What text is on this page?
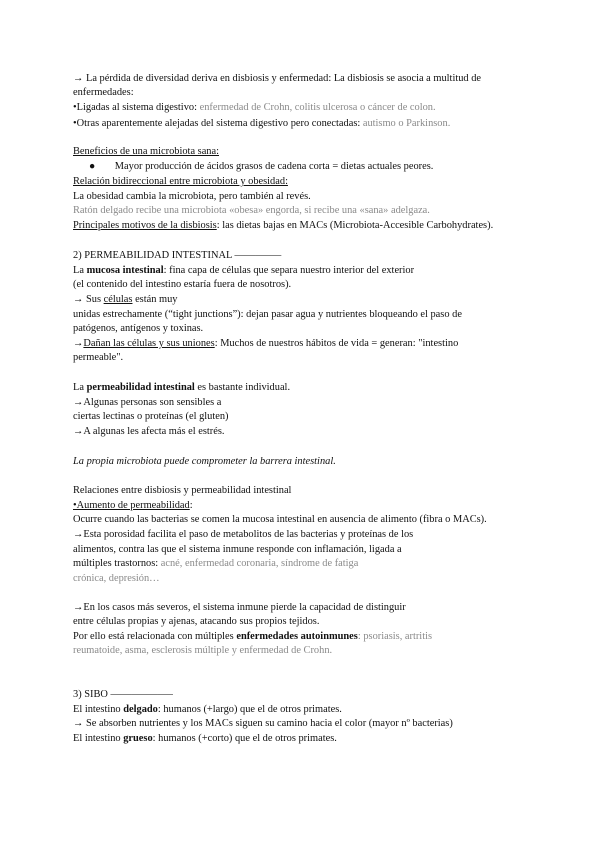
→ La pérdida de diversidad deriva en disbiosis y enfermedad: La disbiosis se asocia a multitud de
enfermedades:
•Ligadas al sistema digestivo: enfermedad de Crohn, colitis ulcerosa o cáncer de colon.
•Otras aparentemente alejadas del sistema digestivo pero conectadas: autismo o Parkinson.
Beneficios de una microbiota sana:
● Mayor producción de ácidos grasos de cadena corta = dietas actuales peores.
Relación bidireccional entre microbiota y obesidad:
La obesidad cambia la microbiota, pero también al revés.
Ratón delgado recibe una microbiota «obesa» engorda, si recibe una «sana» adelgaza.
Principales motivos de la disbiosis: las dietas bajas en MACs (Microbiota-Accesible Carbohydrates).
2) PERMEABILIDAD INTESTINAL ——–——
La mucosa intestinal: fina capa de células que separa nuestro interior del exterior
(el contenido del intestino estaría fuera de nosotros).
→ Sus células están muy
unidas estrechamente (“tight junctions”): dejan pasar agua y nutrientes bloqueando el paso de
patógenos, antígenos y toxinas.
→Dañan las células y sus uniones: Muchos de nuestros hábitos de vida = generan: "intestino
permeable".
La permeabilidad intestinal es bastante individual.
→Algunas personas son sensibles a
ciertas lectinas o proteínas (el gluten)
→A algunas les afecta más el estrés.
La propia microbiota puede comprometer la barrera intestinal.
Relaciones entre disbiosis y permeabilidad intestinal
•Aumento de permeabilidad:
Ocurre cuando las bacterias se comen la mucosa intestinal en ausencia de alimento (fibra o MACs).
→Esta porosidad facilita el paso de metabolitos de las bacterias y proteínas de los
alimentos, contra las que el sistema inmune responde con inflamación, ligada a
múltiples trastornos: acné, enfermedad coronaria, síndrome de fatiga
crónica, depresión…
→En los casos más severos, el sistema inmune pierde la capacidad de distinguir
entre células propias y ajenas, atacando sus propios tejidos.
Por ello está relacionada con múltiples enfermedades autoinmunes: psoriasis, artritis
reumatoide, asma, esclerosis múltiple y enfermedad de Crohn.
3) SIBO ——–——–—
El intestino delgado: humanos (+largo) que el de otros primates.
→ Se absorben nutrientes y los MACs siguen su camino hacia el color (mayor nº bacterias)
El intestino grueso: humanos (+corto) que el de otros primates.
